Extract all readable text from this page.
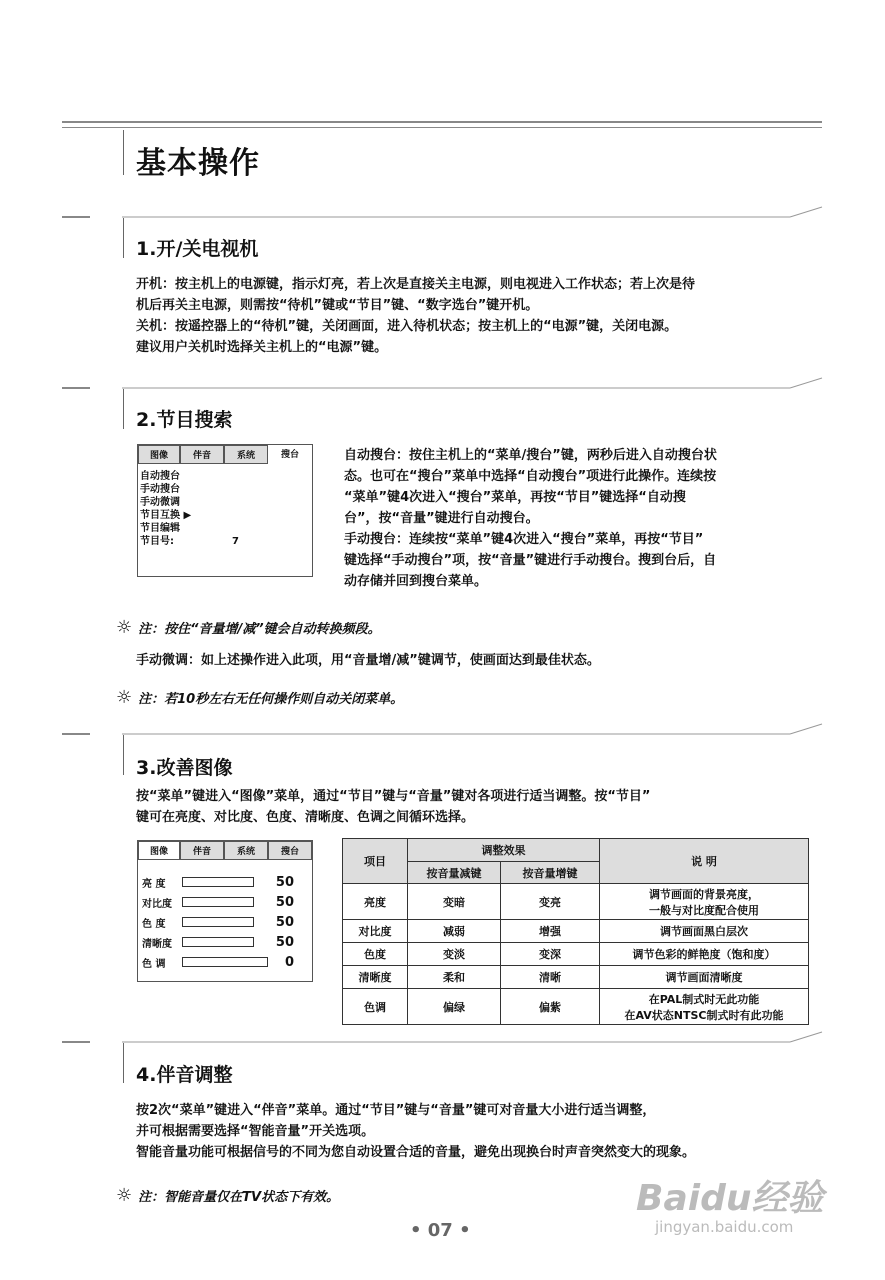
基本操作
1.开/关电视机
开机：按主机上的电源键，指示灯亮，若上次是直接关主电源，则电视进入工作状态；若上次是待
机后再关主电源，则需按“待机”键或“节目”键、“数字选台”键开机。
关机：按遥控器上的“待机”键，关闭画面，进入待机状态；按主机上的“电源”键，关闭电源。
建议用户关机时选择关主机上的“电源”键。
2.节目搜索
图像	伴音	系统	搜台
自动搜台
手动搜台
手动微调
节目互换 ▶
节目编辑
节目号:	7
自动搜台：按住主机上的“菜单/搜台”键，两秒后进入自动搜台状
态。也可在“搜台”菜单中选择“自动搜台”项进行此操作。连续按
“菜单”键4次进入“搜台”菜单，再按“节目”键选择“自动搜
台”，按“音量”键进行自动搜台。
手动搜台：连续按“菜单”键4次进入“搜台”菜单，再按“节目”
键选择“手动搜台”项，按“音量”键进行手动搜台。搜到台后，自
动存储并回到搜台菜单。
☼ 注：按住“音量增/减”键会自动转换频段。
手动微调：如上述操作进入此项，用“音量增/减”键调节，使画面达到最佳状态。
☼ 注：若10秒左右无任何操作则自动关闭菜单。
3.改善图像
按“菜单”键进入“图像”菜单，通过“节目”键与“音量”键对各项进行适当调整。按“节目”
键可在亮度、对比度、色度、清晰度、色调之间循环选择。
图像	伴音	系统	搜台
亮 度	50
对比度	50
色 度	50
清晰度	50
色 调	0
项目	调整效果		说 明
	按音量减键	按音量增键	
亮度	变暗	变亮	调节画面的背景亮度，
一般与对比度配合使用

对比度	减弱	增强	调节画面黑白层次
色度	变淡	变深	调节色彩的鲜艳度（饱和度）
清晰度	柔和	清晰	调节画面清晰度
色调	偏绿	偏紫	在PAL制式时无此功能
在AV状态NTSC制式时有此功能
4.伴音调整
按2次“菜单”键进入“伴音”菜单。通过“节目”键与“音量”键可对音量大小进行适当调整，
并可根据需要选择“智能音量”开关选项。
智能音量功能可根据信号的不同为您自动设置合适的音量，避免出现换台时声音突然变大的现象。
☼ 注：智能音量仅在TV状态下有效。
• 07 •
Baidu经验
jingyan.baidu.com
